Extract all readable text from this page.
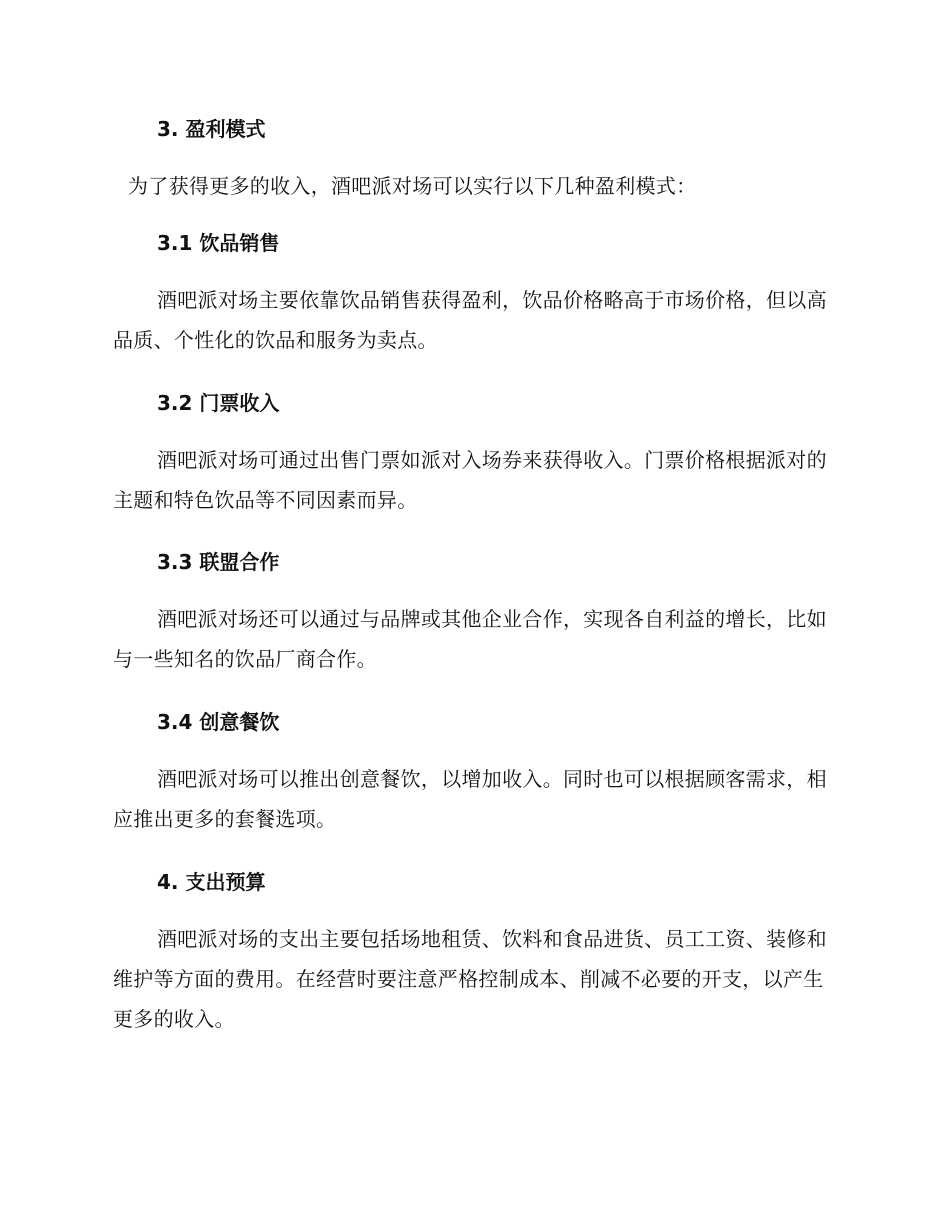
3. 盈利模式
为了获得更多的收入，酒吧派对场可以实行以下几种盈利模式：
3.1 饮品销售
酒吧派对场主要依靠饮品销售获得盈利，饮品价格略高于市场价格，但以高品质、个性化的饮品和服务为卖点。
3.2 门票收入
酒吧派对场可通过出售门票如派对入场券来获得收入。门票价格根据派对的主题和特色饮品等不同因素而异。
3.3 联盟合作
酒吧派对场还可以通过与品牌或其他企业合作，实现各自利益的增长，比如与一些知名的饮品厂商合作。
3.4 创意餐饮
酒吧派对场可以推出创意餐饮，以增加收入。同时也可以根据顾客需求，相应推出更多的套餐选项。
4. 支出预算
酒吧派对场的支出主要包括场地租赁、饮料和食品进货、员工工资、装修和维护等方面的费用。在经营时要注意严格控制成本、削减不必要的开支，以产生更多的收入。
